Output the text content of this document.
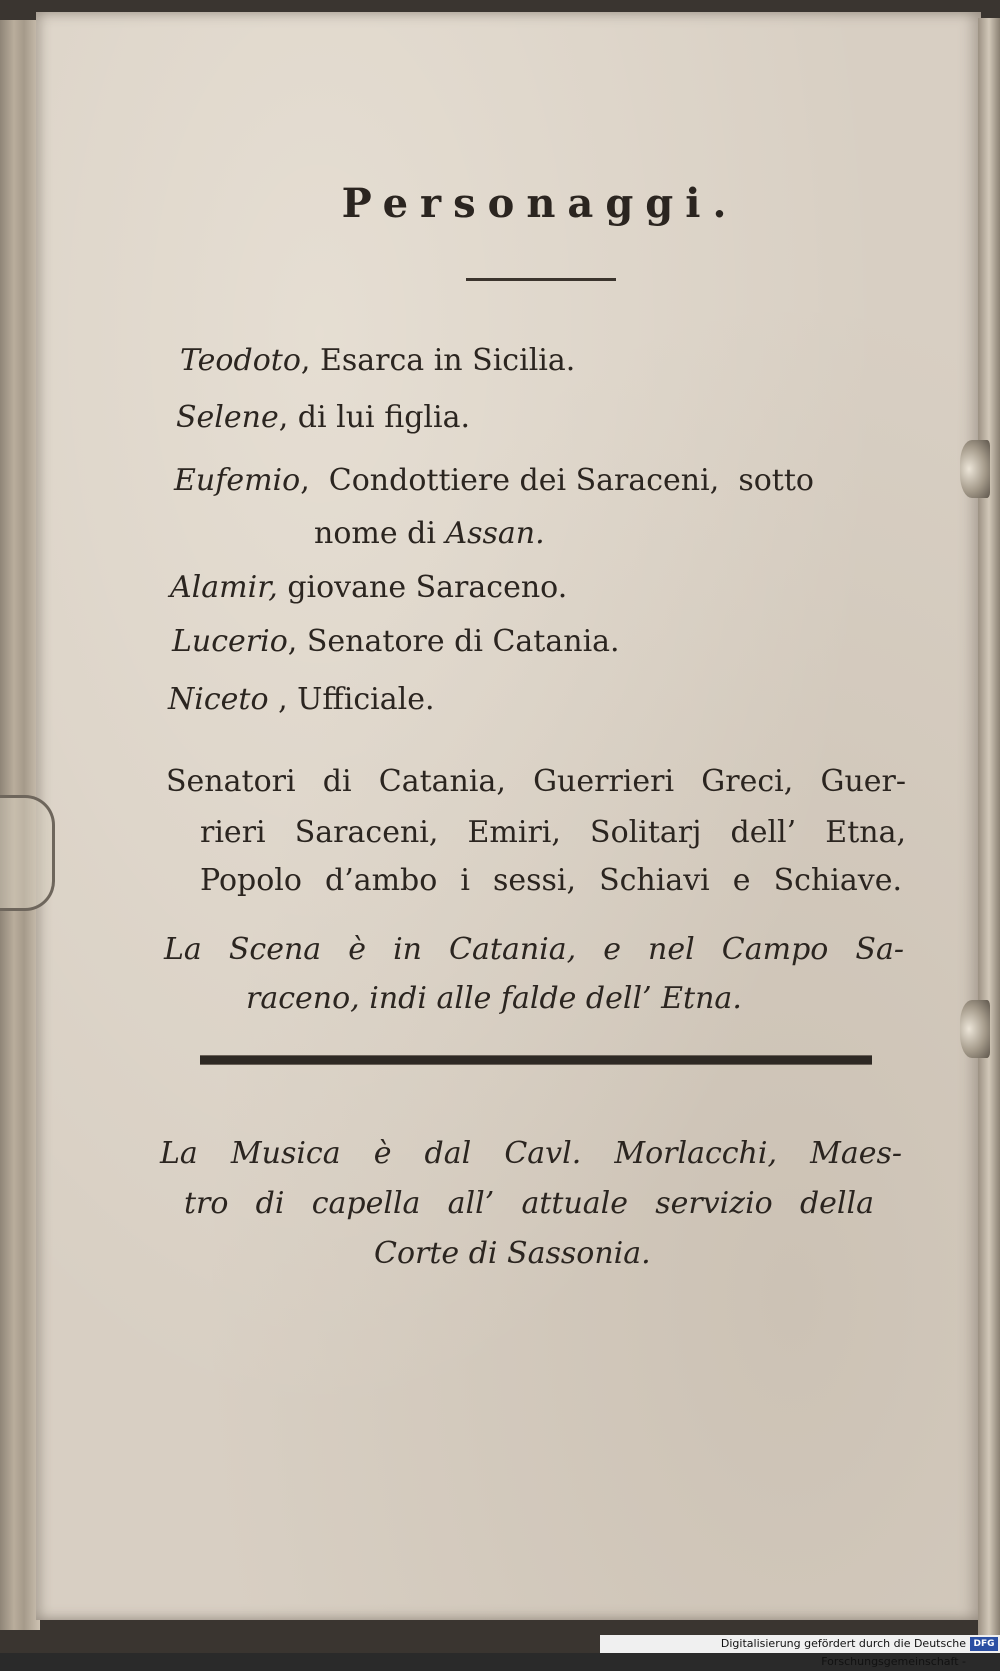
Personaggi.
Teodoto, Esarca in Sicilia.
Selene, di lui figlia.
Eufemio,  Condottiere dei Saraceni,  sotto
nome di Assan.
Alamir, giovane Saraceno.
Lucerio, Senatore di Catania.
Niceto , Ufficiale.
Senatori di Catania, Guerrieri Greci, Guer-
rieri Saraceni, Emiri, Solitarj dell’ Etna,
Popolo d’ambo i sessi, Schiavi e Schiave.
La Scena è in Catania, e nel Campo Sa-
raceno, indi alle falde dell’ Etna.
La Musica è dal Cavl. Morlacchi, Maes-
tro di capella all’ attuale servizio della
Corte di Sassonia.
Digitalisierung gefördert durch die Deutsche Forschungsgemeinschaft -
DFG
